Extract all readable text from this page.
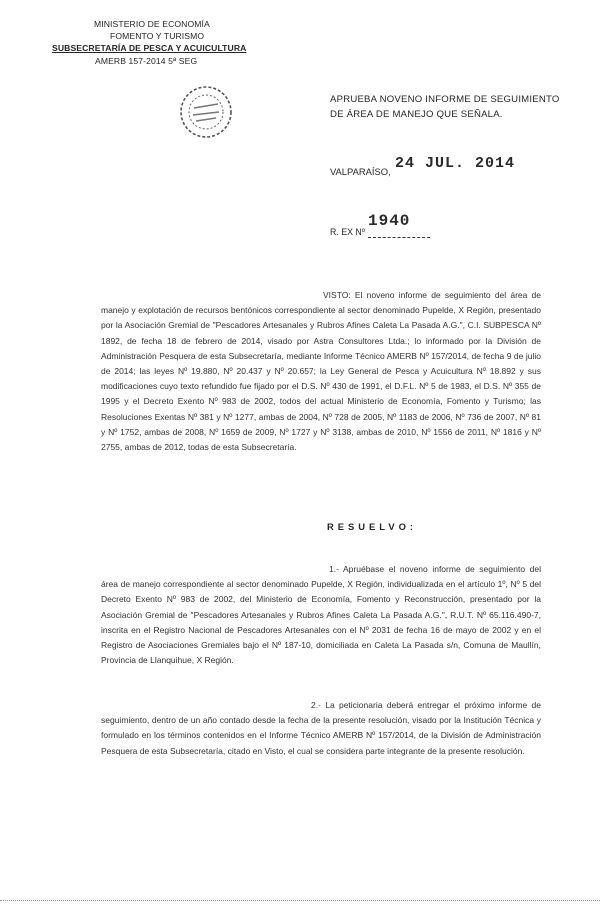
MINISTERIO DE ECONOMÍA
FOMENTO Y TURISMO
SUBSECRETARÍA DE PESCA Y ACUICULTURA
AMERB 157-2014 5ª SEG
APRUEBA NOVENO INFORME DE SEGUIMIENTO DE ÁREA DE MANEJO QUE SEÑALA.
VALPARAÍSO, 24 JUL. 2014
R. EX Nº
1940
VISTO: El noveno informe de seguimiento del área de manejo y explotación de recursos bentónicos correspondiente al sector denominado Pupelde, X Región, presentado por la Asociación Gremial de "Pescadores Artesanales y Rubros Afines Caleta La Pasada A.G.", C.I. SUBPESCA Nº 1892, de fecha 18 de febrero de 2014, visado por Astra Consultores Ltda.; lo informado por la División de Administración Pesquera de esta Subsecretaría, mediante Informe Técnico AMERB Nº 157/2014, de fecha 9 de julio de 2014; las leyes Nº 19.880, Nº 20.437 y Nº 20.657; la Ley General de Pesca y Acuicultura Nº 18.892 y sus modificaciones cuyo texto refundido fue fijado por el D.S. Nº 430 de 1991, el D.F.L. Nº 5 de 1983, el D.S. Nº 355 de 1995 y el Decreto Exento Nº 983 de 2002, todos del actual Ministerio de Economía, Fomento y Turismo; las Resoluciones Exentas Nº 381 y Nº 1277, ambas de 2004, Nº 728 de 2005, Nº 1183 de 2006, Nº 736 de 2007, Nº 81 y Nº 1752, ambas de 2008, Nº 1659 de 2009, Nº 1727 y Nº 3138, ambas de 2010, Nº 1556 de 2011, Nº 1816 y Nº 2755, ambas de 2012, todas de esta Subsecretaría.
RESUELVO:
1.- Apruébase el noveno informe de seguimiento del área de manejo correspondiente al sector denominado Pupelde, X Región, individualizada en el artículo 1º, Nº 5 del Decreto Exento Nº 983 de 2002, del Ministerio de Economía, Fomento y Reconstrucción, presentado por la Asociación Gremial de "Pescadores Artesanales y Rubros Afines Caleta La Pasada A.G.", R.U.T. Nº 65.116.490-7, inscrita en el Registro Nacional de Pescadores Artesanales con el Nº 2031 de fecha 16 de mayo de 2002 y en el Registro de Asociaciones Gremiales bajo el Nº 187-10, domiciliada en Caleta La Pasada s/n, Comuna de Maullín, Provincia de Llanquihue, X Región.
2.- La peticionaria deberá entregar el próximo informe de seguimiento, dentro de un año contado desde la fecha de la presente resolución, visado por la Institución Técnica y formulado en los términos contenidos en el Informe Técnico AMERB Nº 157/2014, de la División de Administración Pesquera de esta Subsecretaría, citado en Visto, el cual se considera parte integrante de la presente resolución.
